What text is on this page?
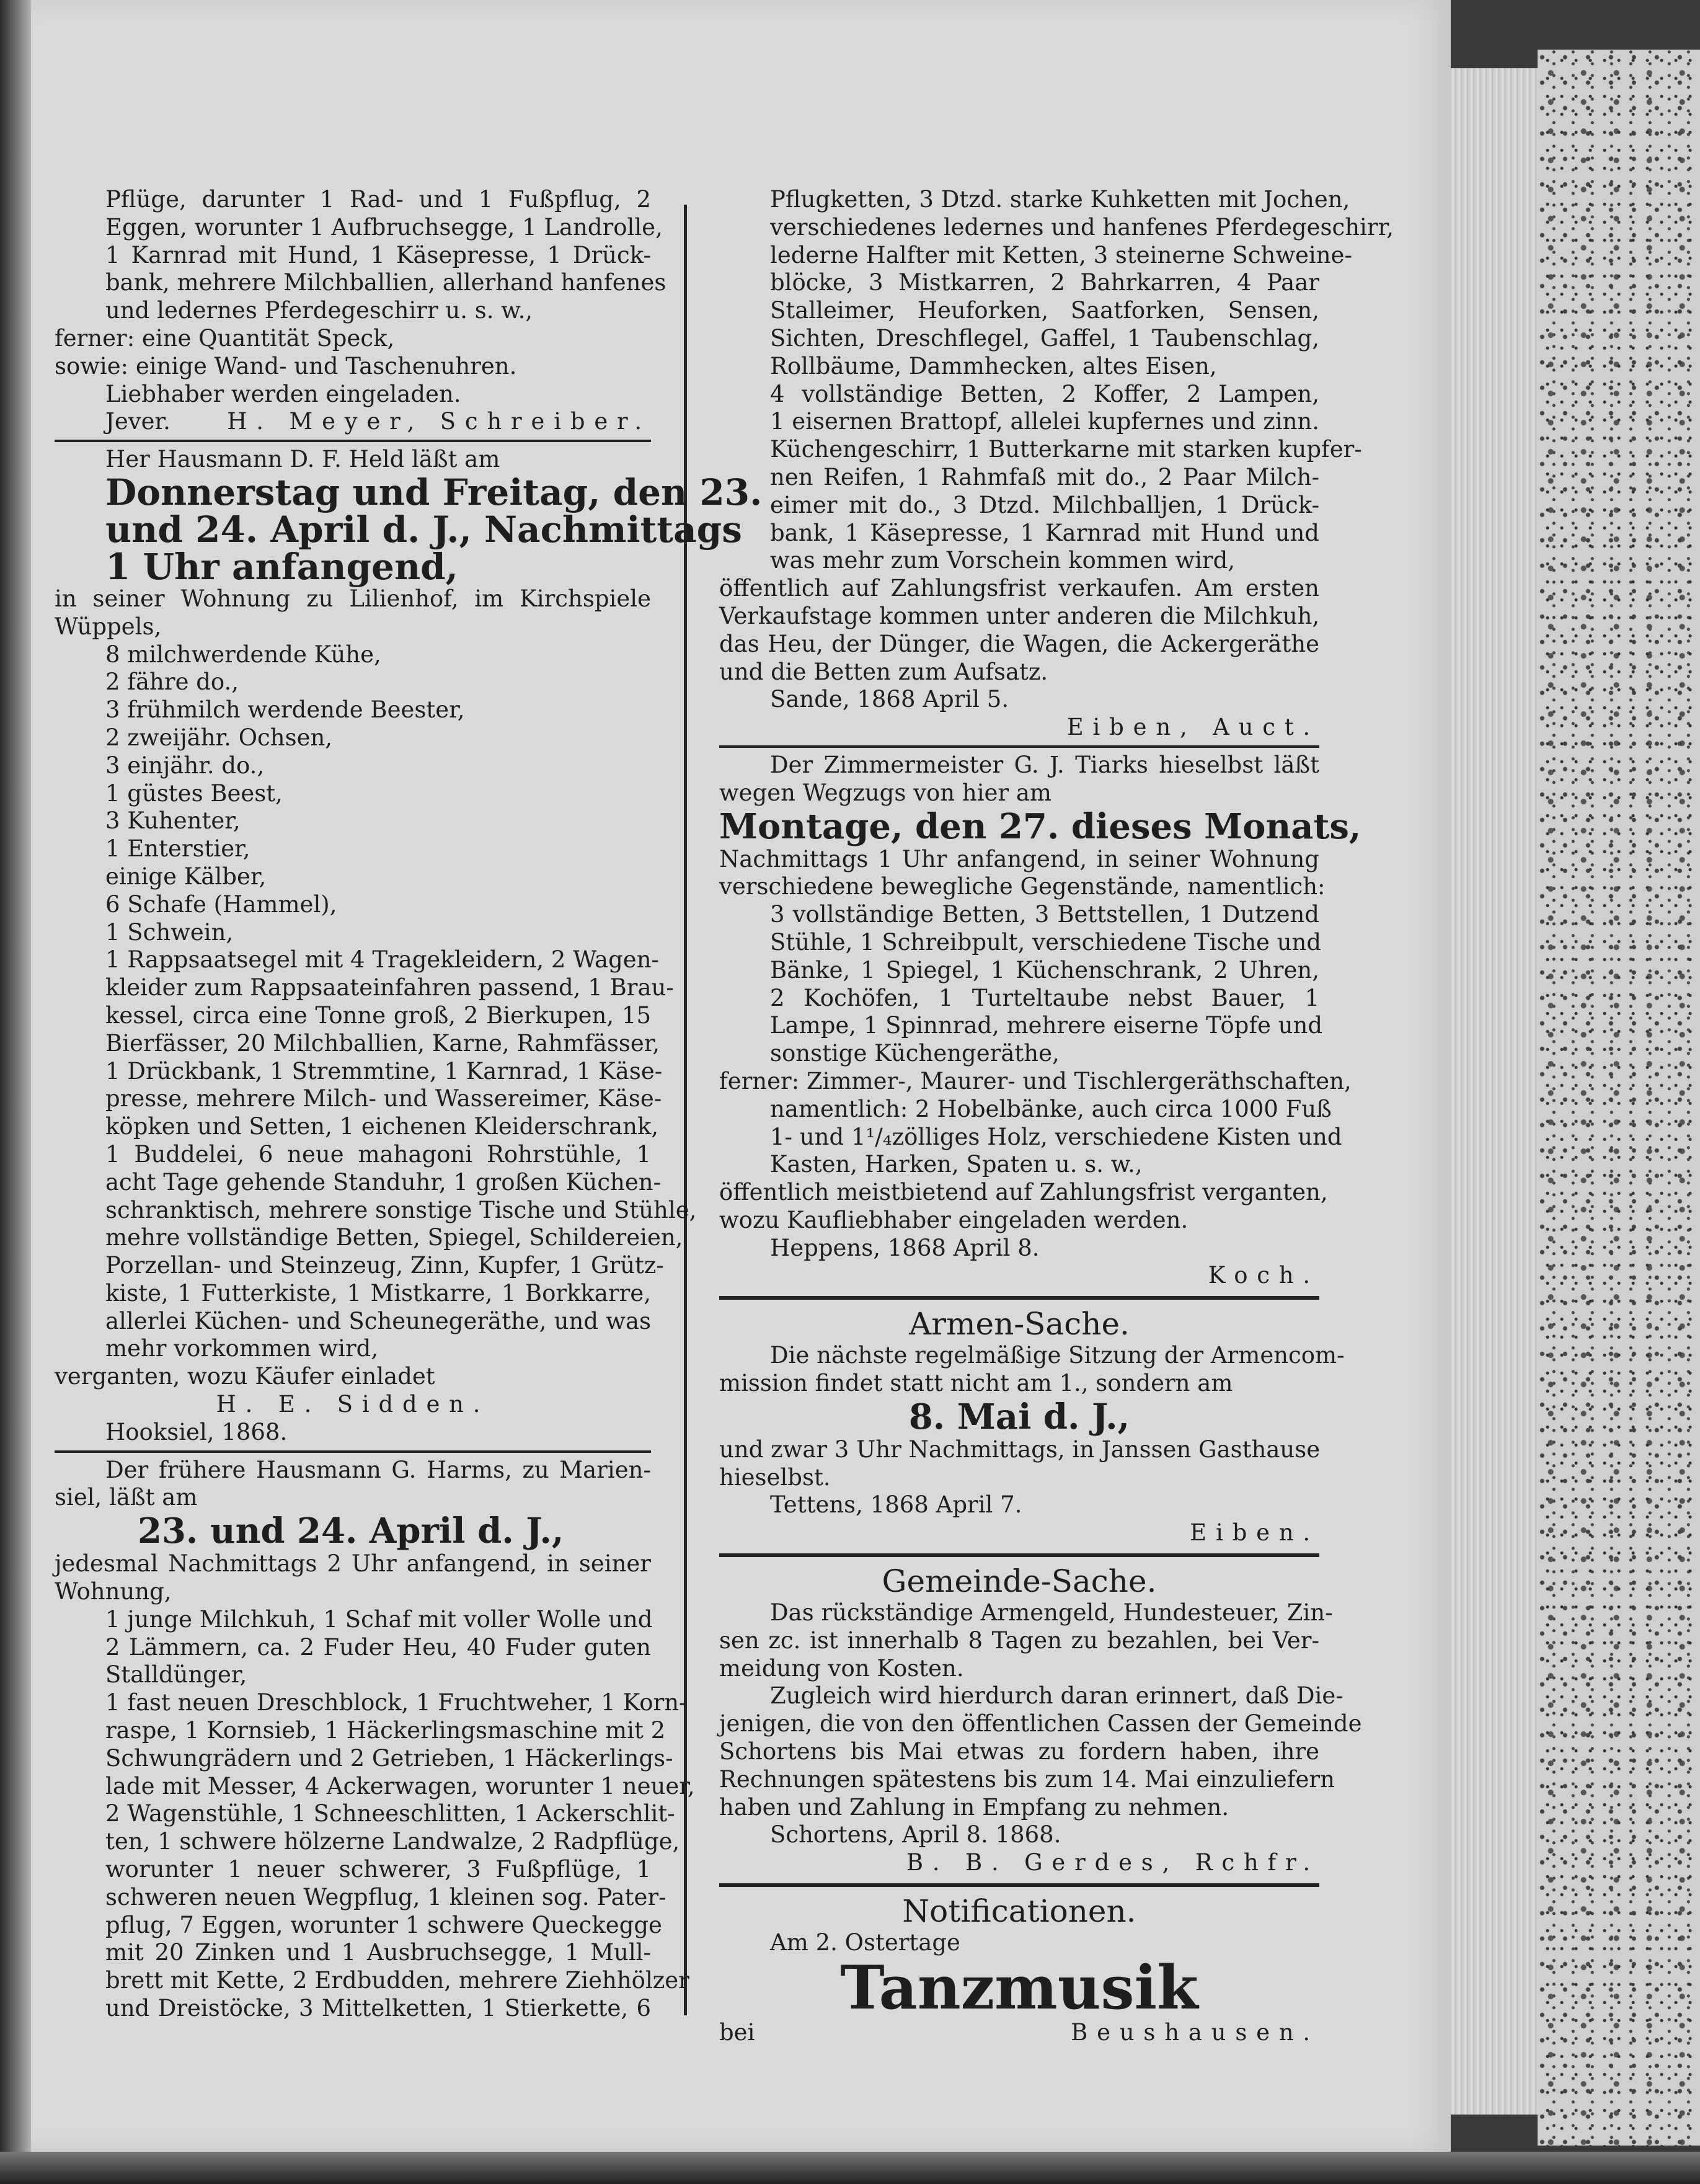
Pflüge, darunter 1 Rad- und 1 Fußpflug, 2
Eggen, worunter 1 Aufbruchsegge, 1 Landrolle,
1 Karnrad mit Hund, 1 Käsepresse, 1 Drück-
bank, mehrere Milchballien, allerhand hanfenes
und ledernes Pferdegeschirr u. s. w.,
ferner: eine Quantität Speck,
sowie: einige Wand- und Taschenuhren.
Liebhaber werden eingeladen.
Jever. H. Meyer, Schreiber.
Her Hausmann D. F. Held läßt am
Donnerstag und Freitag, den 23.
und 24. April d. J., Nachmittags
1 Uhr anfangend,
in seiner Wohnung zu Lilienhof, im Kirchspiele
Wüppels,
8 milchwerdende Kühe,
2 fähre do.,
3 frühmilch werdende Beester,
2 zweijähr. Ochsen,
3 einjähr. do.,
1 güstes Beest,
3 Kuhenter,
1 Enterstier,
einige Kälber,
6 Schafe (Hammel),
1 Schwein,
1 Rappsaatsegel mit 4 Tragekleidern, 2 Wagen-
kleider zum Rappsaateinfahren passend, 1 Brau-
kessel, circa eine Tonne groß, 2 Bierkupen, 15
Bierfässer, 20 Milchballien, Karne, Rahmfässer,
1 Drückbank, 1 Stremmtine, 1 Karnrad, 1 Käse-
presse, mehrere Milch- und Wassereimer, Käse-
köpken und Setten, 1 eichenen Kleiderschrank,
1 Buddelei, 6 neue mahagoni Rohrstühle, 1
acht Tage gehende Standuhr, 1 großen Küchen-
schranktisch, mehrere sonstige Tische und Stühle,
mehre vollständige Betten, Spiegel, Schildereien,
Porzellan- und Steinzeug, Zinn, Kupfer, 1 Grütz-
kiste, 1 Futterkiste, 1 Mistkarre, 1 Borkkarre,
allerlei Küchen- und Scheunegeräthe, und was
mehr vorkommen wird,
verganten, wozu Käufer einladet
H. E. Sidden.
Hooksiel, 1868.
Der frühere Hausmann G. Harms, zu Marien-
siel, läßt am
23. und 24. April d. J.,
jedesmal Nachmittags 2 Uhr anfangend, in seiner
Wohnung,
1 junge Milchkuh, 1 Schaf mit voller Wolle und
2 Lämmern, ca. 2 Fuder Heu, 40 Fuder guten
Stalldünger,
1 fast neuen Dreschblock, 1 Fruchtweher, 1 Korn-
raspe, 1 Kornsieb, 1 Häckerlingsmaschine mit 2
Schwungrädern und 2 Getrieben, 1 Häckerlings-
lade mit Messer, 4 Ackerwagen, worunter 1 neuer,
2 Wagenstühle, 1 Schneeschlitten, 1 Ackerschlit-
ten, 1 schwere hölzerne Landwalze, 2 Radpflüge,
worunter 1 neuer schwerer, 3 Fußpflüge, 1
schweren neuen Wegpflug, 1 kleinen sog. Pater-
pflug, 7 Eggen, worunter 1 schwere Queckegge
mit 20 Zinken und 1 Ausbruchsegge, 1 Mull-
brett mit Kette, 2 Erdbudden, mehrere Ziehhölzer
und Dreistöcke, 3 Mittelketten, 1 Stierkette, 6
Pflugketten, 3 Dtzd. starke Kuhketten mit Jochen,
verschiedenes ledernes und hanfenes Pferdegeschirr,
lederne Halfter mit Ketten, 3 steinerne Schweine-
blöcke, 3 Mistkarren, 2 Bahrkarren, 4 Paar
Stalleimer, Heuforken, Saatforken, Sensen,
Sichten, Dreschflegel, Gaffel, 1 Taubenschlag,
Rollbäume, Dammhecken, altes Eisen,
4 vollständige Betten, 2 Koffer, 2 Lampen,
1 eisernen Brattopf, allelei kupfernes und zinn.
Küchengeschirr, 1 Butterkarne mit starken kupfer-
nen Reifen, 1 Rahmfaß mit do., 2 Paar Milch-
eimer mit do., 3 Dtzd. Milchballjen, 1 Drück-
bank, 1 Käsepresse, 1 Karnrad mit Hund und
was mehr zum Vorschein kommen wird,
öffentlich auf Zahlungsfrist verkaufen. Am ersten
Verkaufstage kommen unter anderen die Milchkuh,
das Heu, der Dünger, die Wagen, die Ackergeräthe
und die Betten zum Aufsatz.
Sande, 1868 April 5.
Eiben, Auct.
Der Zimmermeister G. J. Tiarks hieselbst läßt
wegen Wegzugs von hier am
Montage, den 27. dieses Monats,
Nachmittags 1 Uhr anfangend, in seiner Wohnung
verschiedene bewegliche Gegenstände, namentlich:
3 vollständige Betten, 3 Bettstellen, 1 Dutzend
Stühle, 1 Schreibpult, verschiedene Tische und
Bänke, 1 Spiegel, 1 Küchenschrank, 2 Uhren,
2 Kochöfen, 1 Turteltaube nebst Bauer, 1
Lampe, 1 Spinnrad, mehrere eiserne Töpfe und
sonstige Küchengeräthe,
ferner: Zimmer-, Maurer- und Tischlergeräthschaften,
namentlich: 2 Hobelbänke, auch circa 1000 Fuß
1- und 1¹/₄zölliges Holz, verschiedene Kisten und
Kasten, Harken, Spaten u. s. w.,
öffentlich meistbietend auf Zahlungsfrist verganten,
wozu Kaufliebhaber eingeladen werden.
Heppens, 1868 April 8.
Koch.
Armen-Sache.
Die nächste regelmäßige Sitzung der Armencom-
mission findet statt nicht am 1., sondern am
8. Mai d. J.,
und zwar 3 Uhr Nachmittags, in Janssen Gasthause
hieselbst.
Tettens, 1868 April 7.
Eiben.
Gemeinde-Sache.
Das rückständige Armengeld, Hundesteuer, Zin-
sen zc. ist innerhalb 8 Tagen zu bezahlen, bei Ver-
meidung von Kosten.
Zugleich wird hierdurch daran erinnert, daß Die-
jenigen, die von den öffentlichen Cassen der Gemeinde
Schortens bis Mai etwas zu fordern haben, ihre
Rechnungen spätestens bis zum 14. Mai einzuliefern
haben und Zahlung in Empfang zu nehmen.
Schortens, April 8. 1868.
B. B. Gerdes, Rchfr.
Notificationen.
Am 2. Ostertage
Tanzmusik
bei	Beushausen.
